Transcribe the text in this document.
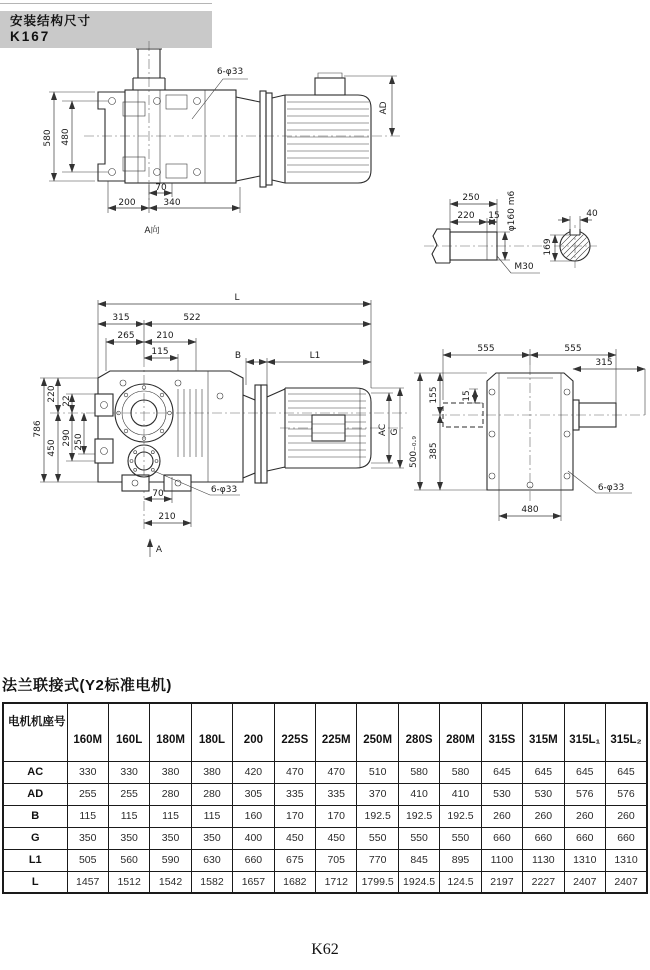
安装结构尺寸
K167
580 480
6-φ33
AD
70
200	340
A向
250
220 15 φ160 m6
M30
40
169
L
315	522
265 210
115	B	L1
220 22
786
290 250
450
AC G
70
210
6-φ33
A
555	555
315
155	15
385
500₋₀.₉
480
6-φ33
法兰联接式(Y2标准电机)
电机机座号	160M	160L	180M	180L	200	225S	225M	250M	280S	280M	315S	315M	315L₁	315L₂
AC	330	330	380	380	420	470	470	510	580	580	645	645	645	645
AD	255	255	280	280	305	335	335	370	410	410	530	530	576	576
B	115	115	115	115	160	170	170	192.5	192.5	192.5	260	260	260	260
G	350	350	350	350	400	450	450	550	550	550	660	660	660	660
L1	505	560	590	630	660	675	705	770	845	895	1100	1130	1310	1310
L	1457	1512	1542	1582	1657	1682	1712	1799.5	1924.5	124.5	2197	2227	2407	2407
K62
